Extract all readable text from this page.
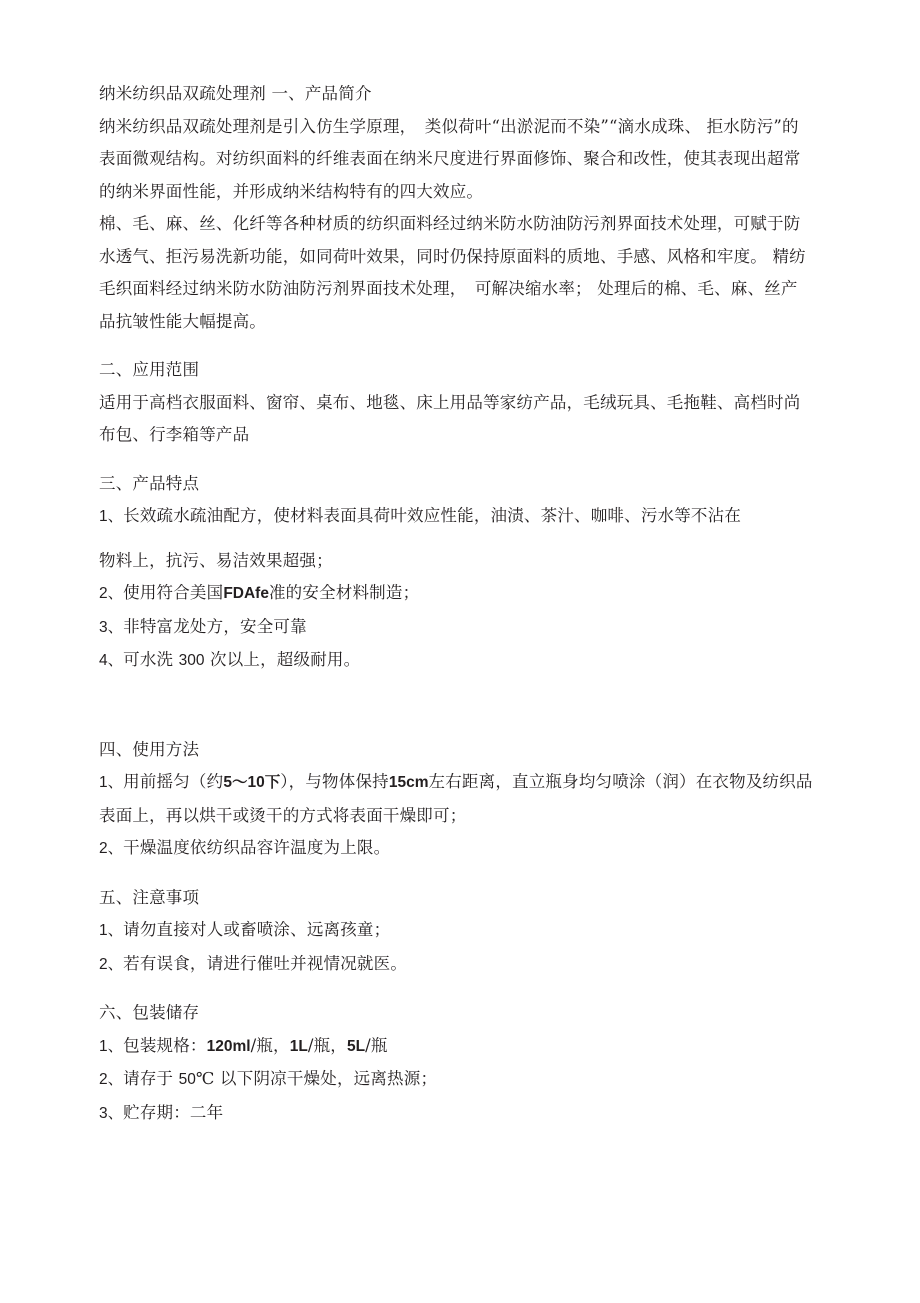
纳米纺织品双疏处理剂 一、产品简介
纳米纺织品双疏处理剂是引入仿生学原理，　类似荷叶“出淤泥而不染”“滴水成珠、 拒水防污”的表面微观结构。对纺织面料的纤维表面在纳米尺度进行界面修饰、聚合和改性，使其表现出超常的纳米界面性能，并形成纳米结构特有的四大效应。
棉、毛、麻、丝、化纤等各种材质的纺织面料经过纳米防水防油防污剂界面技术处理，可赋于防水透气、拒污易洗新功能，如同荷叶效果，同时仍保持原面料的质地、手感、风格和牢度。 精纺毛织面料经过纳米防水防油防污剂界面技术处理，　可解决缩水率； 处理后的棉、毛、麻、丝产品抗皱性能大幅提高。
二、应用范围
适用于高档衣服面料、窗帘、桌布、地毯、床上用品等家纺产品，毛绒玩具、毛拖鞋、高档时尚布包、行李箱等产品
三、产品特点
1、长效疏水疏油配方，使材料表面具荷叶效应性能，油渍、茶汁、咖啡、污水等不沾在
物料上，抗污、易洁效果超强；
2、使用符合美国FDAfe准的安全材料制造；
3、非特富龙处方，安全可靠
4、可水洗 300 次以上，超级耐用。
四、使用方法
1、用前摇匀（约5～10下），与物体保持15cm左右距离，直立瓶身均匀喷涂（润）在衣物及纺织品表面上，再以烘干或烫干的方式将表面干燥即可；
2、干燥温度依纺织品容许温度为上限。
五、注意事项
1、请勿直接对人或畜喷涂、远离孩童；
2、若有误食，请进行催吐并视情况就医。
六、包装储存
1、包装规格：120ml/瓶，1L/瓶，5L/瓶
2、请存于 50℃ 以下阴凉干燥处，远离热源；
3、贮存期：二年
